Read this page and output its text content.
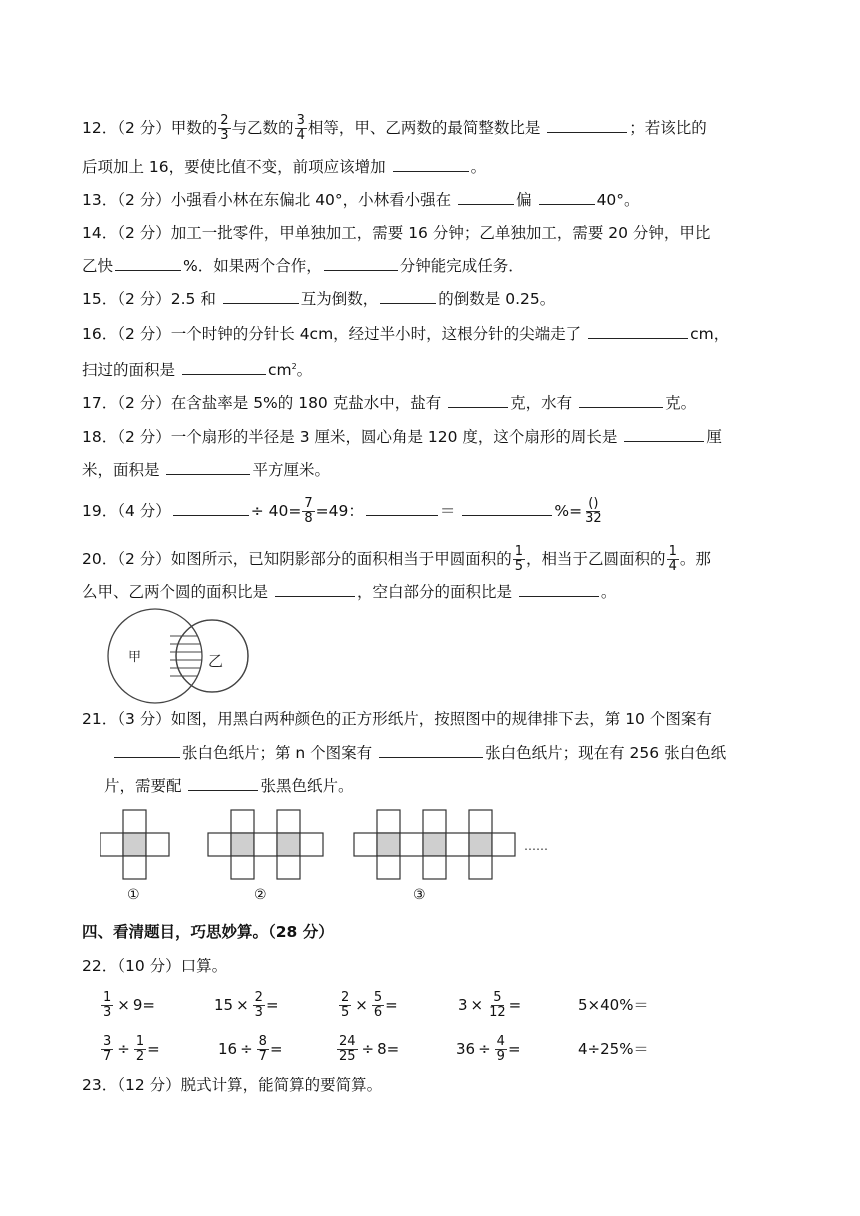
12．（2 分）甲数的 $\frac{2}{3}$ 与乙数的 $\frac{3}{4}$ 相等，甲、乙两数的最简整数比是	；若该比的
后项加上 16，要使比值不变，前项应该增加	。
13．（2 分）小强看小林在东偏北 40°，小林看小强在	偏	40°。
14．（2 分）加工一批零件，甲单独加工，需要 16 分钟；乙单独加工，需要 20 分钟，甲比
乙快	%．如果两个合作，	分钟能完成任务．
15．（2 分）2.5 和	互为倒数，	的倒数是 0.25。
16．（2 分）一个时钟的分针长 4cm，经过半小时，这根分针的尖端走了	cm，
扫过的面积是	$cm^2$。
17．（2 分）在含盐率是 5%的 180 克盐水中，盐有	克，水有	克。
18．（2 分）一个扇形的半径是 3 厘米，圆心角是 120 度，这个扇形的周长是	厘
米，面积是	平方厘米。
19．（4 分）	÷ $40= \frac{7}{8} =49$：	＝	%= $\frac{()}{32}$
20．（2 分）如图所示，已知阴影部分的面积相当于甲圆面积的 $\frac{1}{5}$ ，相当于乙圆面积的 $\frac{1}{4}$ 。那
么甲、乙两个圆的面积比是	，空白部分的面积比是	。
甲	乙
21．（3 分）如图，用黑白两种颜色的正方形纸片，按照图中的规律排下去，第 10 个图案有
张白色纸片；第 n 个图案有	张白色纸片；现在有 256 张白色纸
片，需要配	张黑色纸片。
……
①	②	③
四、看清题目，巧思妙算。（28 分）
22．（10 分）口算。
$\frac{1}{3} \times 9$ =	$15 \times \frac{2}{3}$ =	$\frac{2}{5} \times \frac{5}{6}$ =	$3 \times \frac{5}{12}$ =	5×40%＝
$\frac{3}{7} \div \frac{1}{2}$ =	$16 \div \frac{8}{7}$ =	$\frac{24}{25} \div 8$ =	$36 \div \frac{4}{9}$ =	4÷25%＝
23．（12 分）脱式计算，能简算的要简算。
